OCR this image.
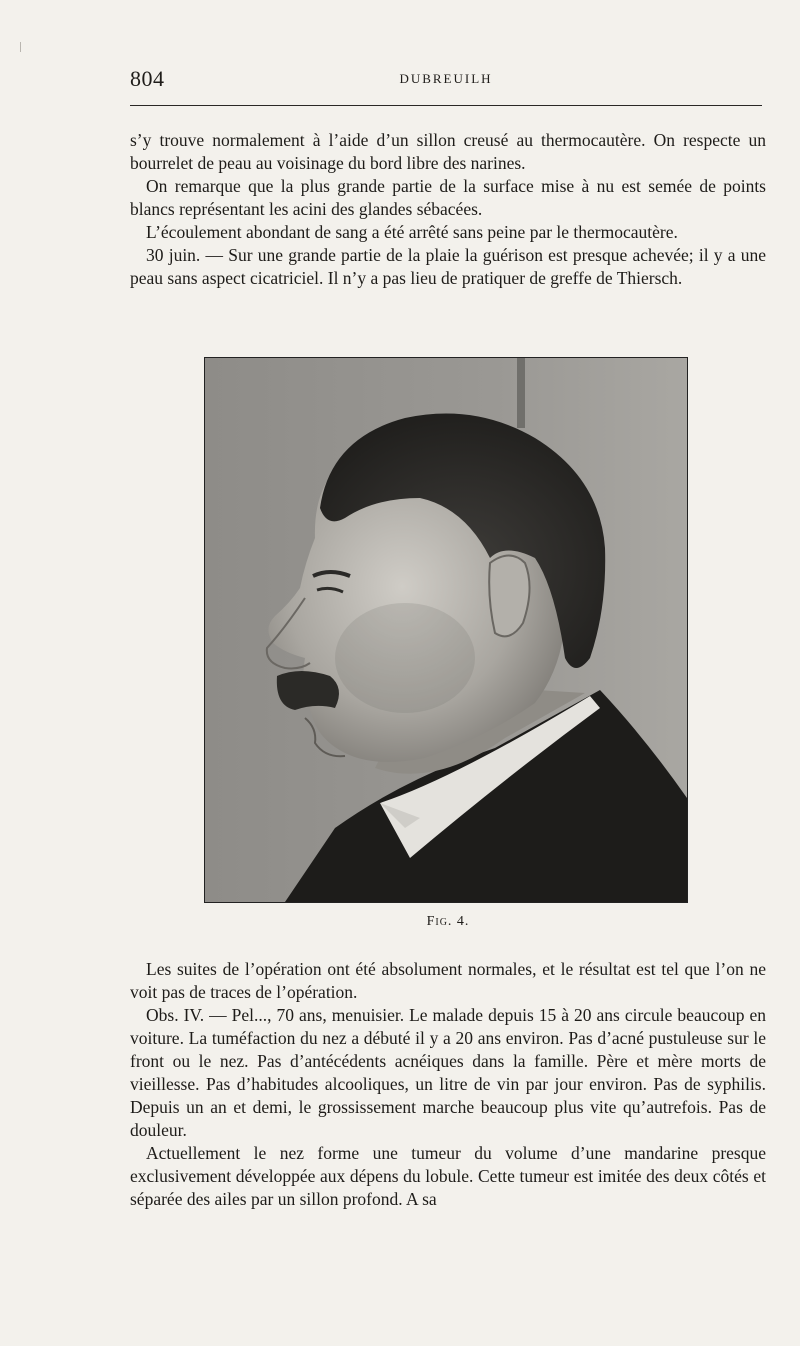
804	DUBREUILH

s’y trouve normalement à l’aide d’un sillon creusé au thermocautère. On respecte un bourrelet de peau au voisinage du bord libre des narines.

On remarque que la plus grande partie de la surface mise à nu est semée de points blancs représentant les acini des glandes sébacées.

L’écoulement abondant de sang a été arrêté sans peine par le thermocautère.

30 juin. — Sur une grande partie de la plaie la guérison est presque achevée; il y a une peau sans aspect cicatriciel. Il n’y a pas lieu de pratiquer de greffe de Thiersch.

Fig. 4.

Les suites de l’opération ont été absolument normales, et le résultat est tel que l’on ne voit pas de traces de l’opération.

Obs. IV. — Pel..., 70 ans, menuisier. Le malade depuis 15 à 20 ans circule beaucoup en voiture. La tuméfaction du nez a débuté il y a 20 ans environ. Pas d’acné pustuleuse sur le front ou le nez. Pas d’antécédents acnéiques dans la famille. Père et mère morts de vieillesse. Pas d’habitudes alcooliques, un litre de vin par jour environ. Pas de syphilis. Depuis un an et demi, le grossissement marche beaucoup plus vite qu’autrefois. Pas de douleur.

Actuellement le nez forme une tumeur du volume d’une mandarine presque exclusivement développée aux dépens du lobule. Cette tumeur est imitée des deux côtés et séparée des ailes par un sillon profond. A sa
